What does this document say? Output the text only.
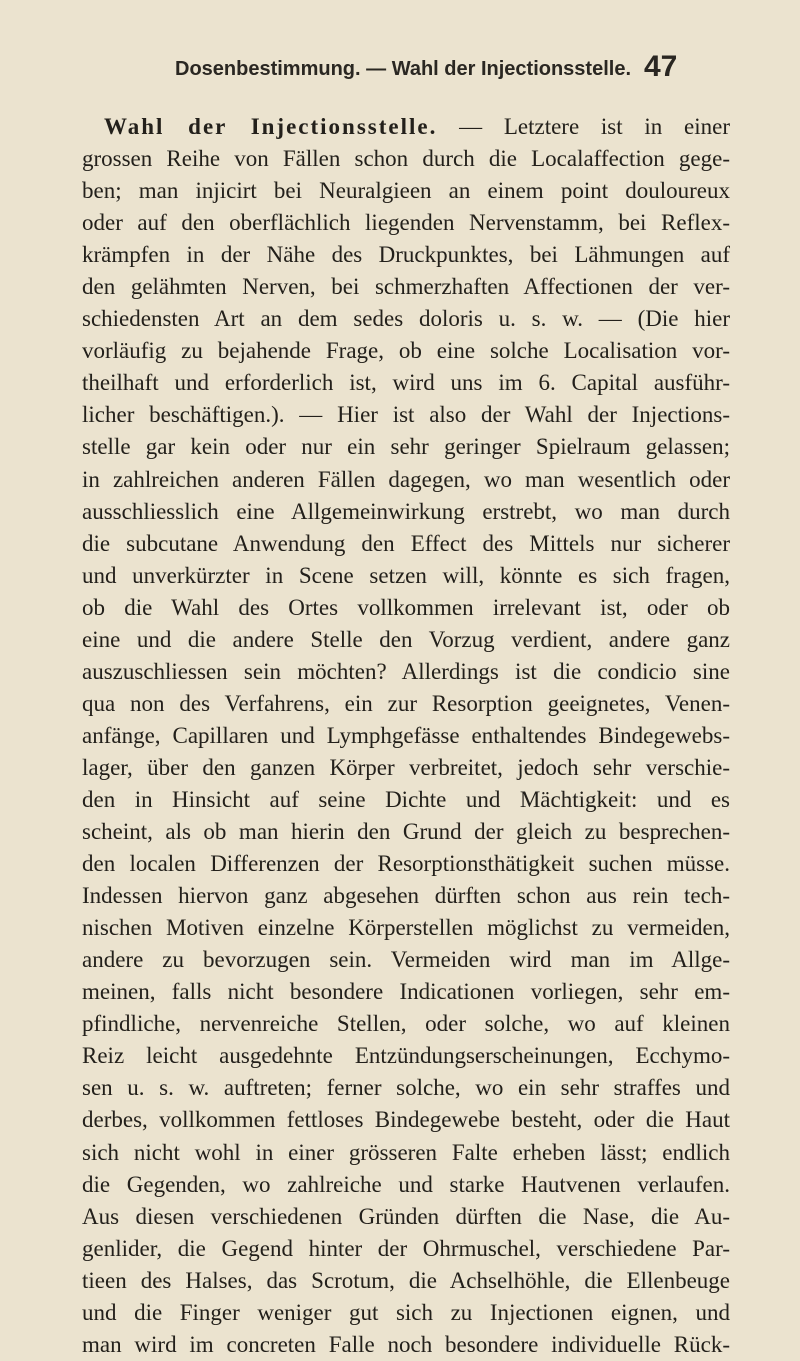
Dosenbestimmung. — Wahl der Injectionsstelle. 47
Wahl der Injectionsstelle. — Letztere ist in einer
grossen Reihe von Fällen schon durch die Localaffection gege-
ben; man injicirt bei Neuralgieen an einem point douloureux
oder auf den oberflächlich liegenden Nervenstamm, bei Reflex-
krämpfen in der Nähe des Druckpunktes, bei Lähmungen auf
den gelähmten Nerven, bei schmerzhaften Affectionen der ver-
schiedensten Art an dem sedes doloris u. s. w. — (Die hier
vorläufig zu bejahende Frage, ob eine solche Localisation vor-
theilhaft und erforderlich ist, wird uns im 6. Capital ausführ-
licher beschäftigen.). — Hier ist also der Wahl der Injections-
stelle gar kein oder nur ein sehr geringer Spielraum gelassen;
in zahlreichen anderen Fällen dagegen, wo man wesentlich oder
ausschliesslich eine Allgemeinwirkung erstrebt, wo man durch
die subcutane Anwendung den Effect des Mittels nur sicherer
und unverkürzter in Scene setzen will, könnte es sich fragen,
ob die Wahl des Ortes vollkommen irrelevant ist, oder ob
eine und die andere Stelle den Vorzug verdient, andere ganz
auszuschliessen sein möchten? Allerdings ist die condicio sine
qua non des Verfahrens, ein zur Resorption geeignetes, Venen-
anfänge, Capillaren und Lymphgefässe enthaltendes Bindegewebs-
lager, über den ganzen Körper verbreitet, jedoch sehr verschie-
den in Hinsicht auf seine Dichte und Mächtigkeit: und es
scheint, als ob man hierin den Grund der gleich zu besprechen-
den localen Differenzen der Resorptionsthätigkeit suchen müsse.
Indessen hiervon ganz abgesehen dürften schon aus rein tech-
nischen Motiven einzelne Körperstellen möglichst zu vermeiden,
andere zu bevorzugen sein. Vermeiden wird man im Allge-
meinen, falls nicht besondere Indicationen vorliegen, sehr em-
pfindliche, nervenreiche Stellen, oder solche, wo auf kleinen
Reiz leicht ausgedehnte Entzündungserscheinungen, Ecchymo-
sen u. s. w. auftreten; ferner solche, wo ein sehr straffes und
derbes, vollkommen fettloses Bindegewebe besteht, oder die Haut
sich nicht wohl in einer grösseren Falte erheben lässt; endlich
die Gegenden, wo zahlreiche und starke Hautvenen verlaufen.
Aus diesen verschiedenen Gründen dürften die Nase, die Au-
genlider, die Gegend hinter der Ohrmuschel, verschiedene Par-
tieen des Halses, das Scrotum, die Achselhöhle, die Ellenbeuge
und die Finger weniger gut sich zu Injectionen eignen, und
man wird im concreten Falle noch besondere individuelle Rück-
